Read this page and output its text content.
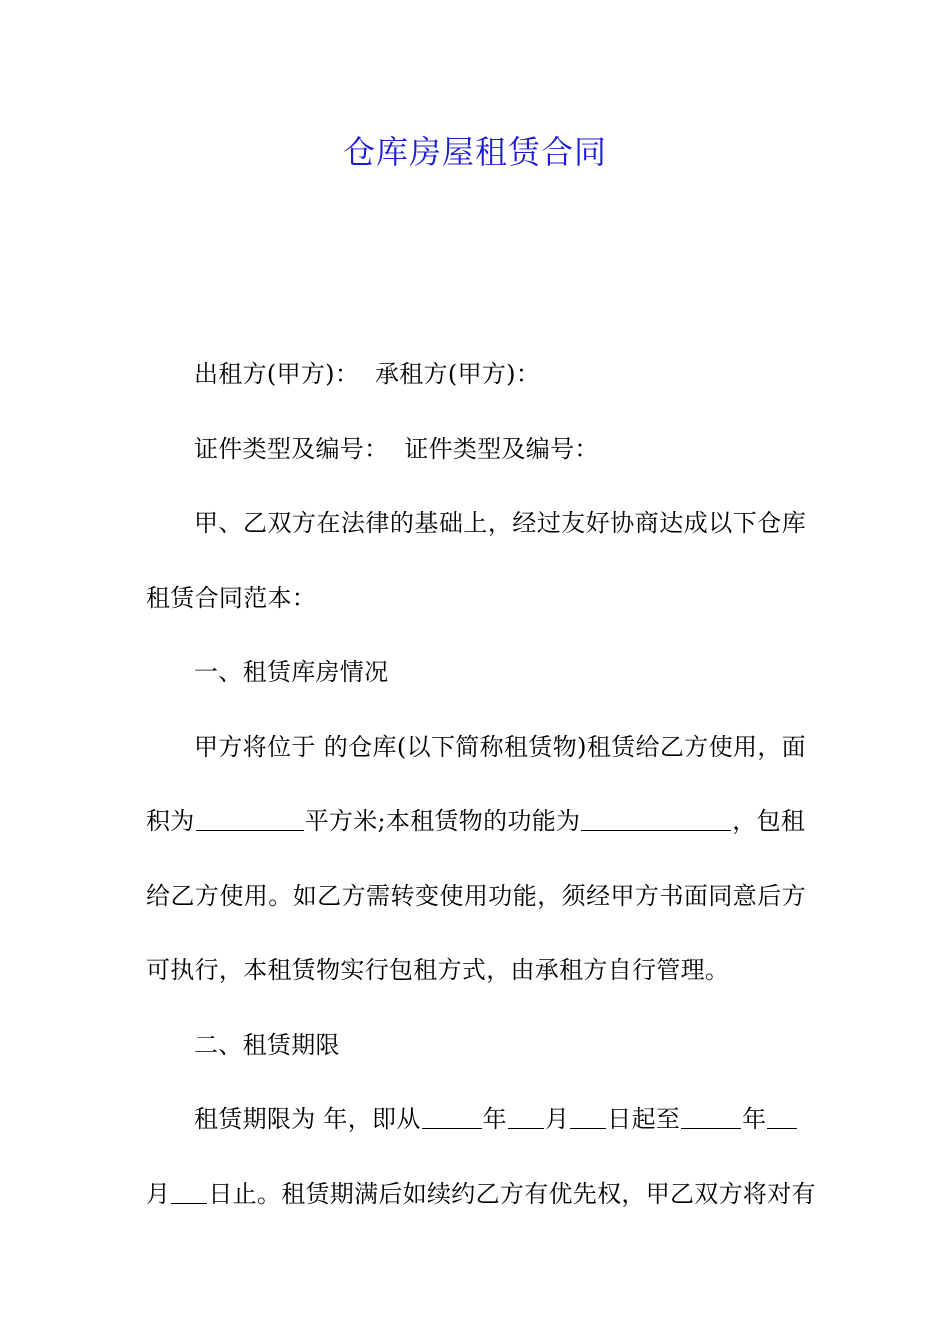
仓库房屋租赁合同

出租方(甲方)： 承租方(甲方)：

证件类型及编号： 证件类型及编号：

甲、乙双方在法律的基础上，经过友好协商达成以下仓库
租赁合同范本：

一、租赁库房情况

甲方将位于 的仓库(以下简称租赁物)租赁给乙方使用，面
积为	平方米;本租赁物的功能为	，包租
给乙方使用。如乙方需转变使用功能，须经甲方书面同意后方
可执行，本租赁物实行包租方式，由承租方自行管理。

二、租赁期限

租赁期限为 年，即从	年 月 日起至	年
月 日止。租赁期满后如续约乙方有优先权，甲乙双方将对有
